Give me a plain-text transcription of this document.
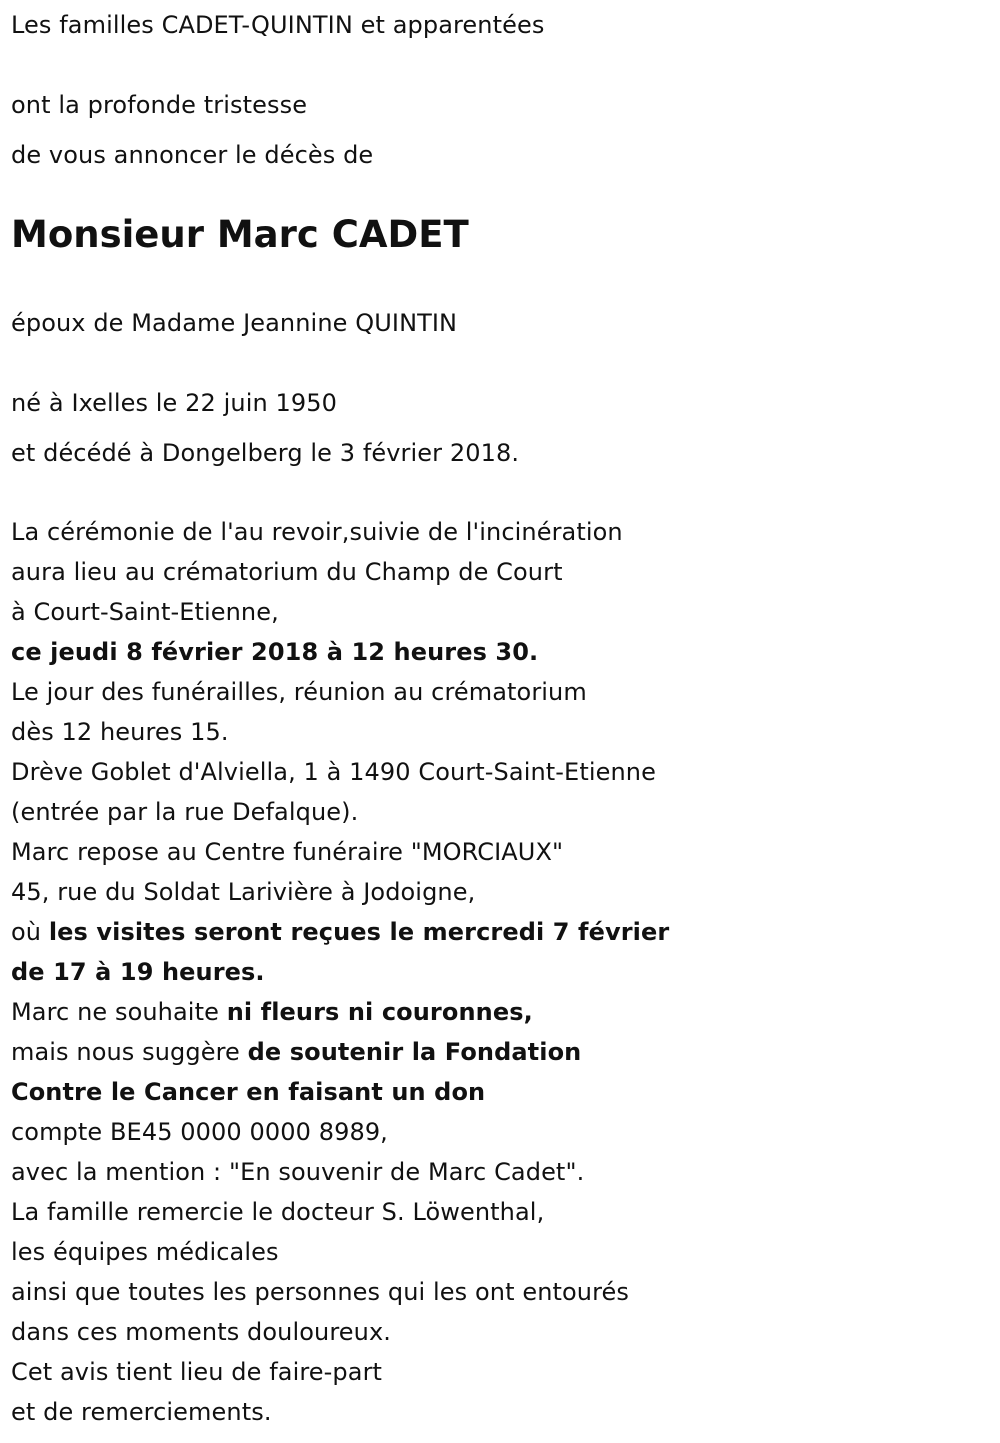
Les familles CADET-QUINTIN et apparentées
ont la profonde tristesse
de vous annoncer le décès de
Monsieur Marc CADET
époux de Madame Jeannine QUINTIN
né à Ixelles le 22 juin 1950
et décédé à Dongelberg le 3 février 2018.
La cérémonie de l'au revoir,suivie de l'incinération
aura lieu au crématorium du Champ de Court
à Court-Saint-Etienne,
ce jeudi 8 février 2018 à 12 heures 30.
Le jour des funérailles, réunion au crématorium
dès 12 heures 15.
Drève Goblet d'Alviella, 1 à 1490 Court-Saint-Etienne
(entrée par la rue Defalque).
Marc repose au Centre funéraire "MORCIAUX"
45, rue du Soldat Larivière à Jodoigne,
où les visites seront reçues le mercredi 7 février
de 17 à 19 heures.
Marc ne souhaite ni fleurs ni couronnes,
mais nous suggère de soutenir la Fondation
Contre le Cancer en faisant un don
compte BE45 0000 0000 8989,
avec la mention : "En souvenir de Marc Cadet".
La famille remercie le docteur S. Löwenthal,
les équipes médicales
ainsi que toutes les personnes qui les ont entourés
dans ces moments douloureux.
Cet avis tient lieu de faire-part
et de remerciements.
